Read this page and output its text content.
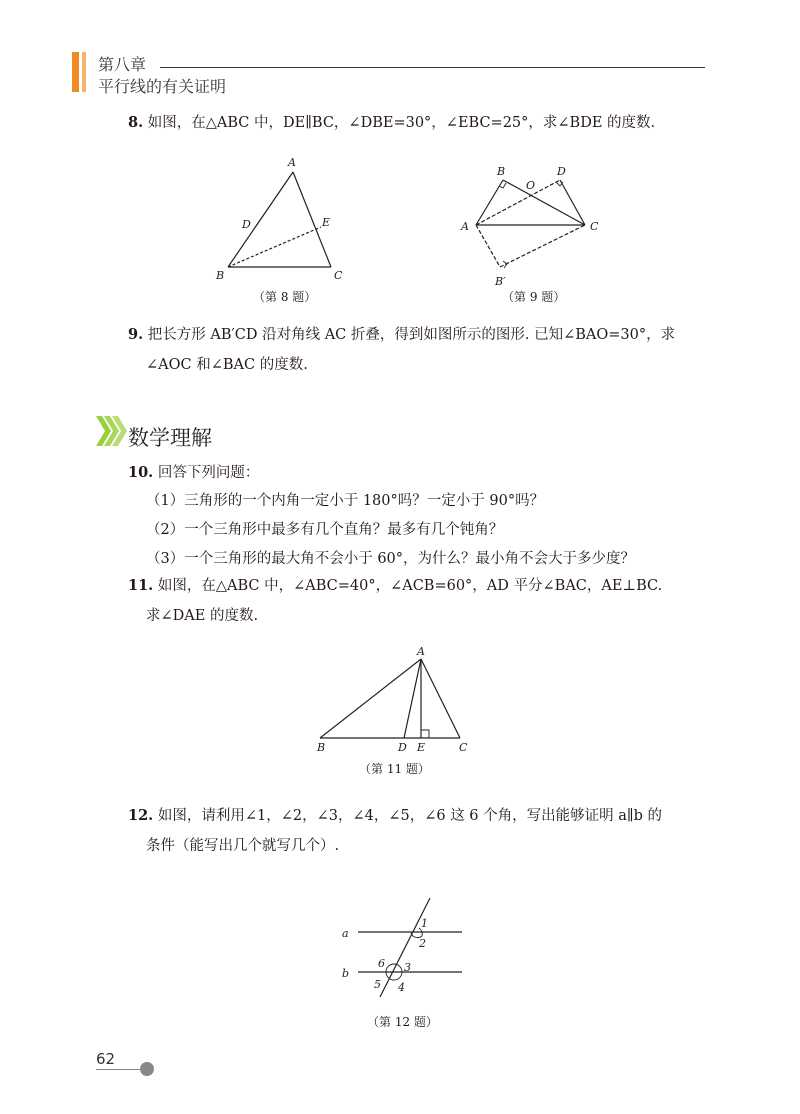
第八章
平行线的有关证明
8. 如图，在△ABC 中，DE∥BC，∠DBE=30°，∠EBC=25°，求∠BDE 的度数.
A
B	C
D	E
（第 8 题）
B	D
O
A	C
B′
（第 9 题）
9. 把长方形 AB′CD 沿对角线 AC 折叠，得到如图所示的图形. 已知∠BAO=30°，求
∠AOC 和∠BAC 的度数.
数学理解
10. 回答下列问题：
（1）三角形的一个内角一定小于 180°吗？一定小于 90°吗？
（2）一个三角形中最多有几个直角？最多有几个钝角？
（3）一个三角形的最大角不会小于 60°，为什么？最小角不会大于多少度？
11. 如图，在△ABC 中，∠ABC=40°，∠ACB=60°，AD 平分∠BAC，AE⊥BC.
求∠DAE 的度数.
A
B	D E	C
（第 11 题）
12. 如图，请利用∠1，∠2，∠3，∠4，∠5，∠6 这 6 个角，写出能够证明 a∥b 的
条件（能写出几个就写几个）.
a
b
1
2
3
4
5
6
（第 12 题）
62
